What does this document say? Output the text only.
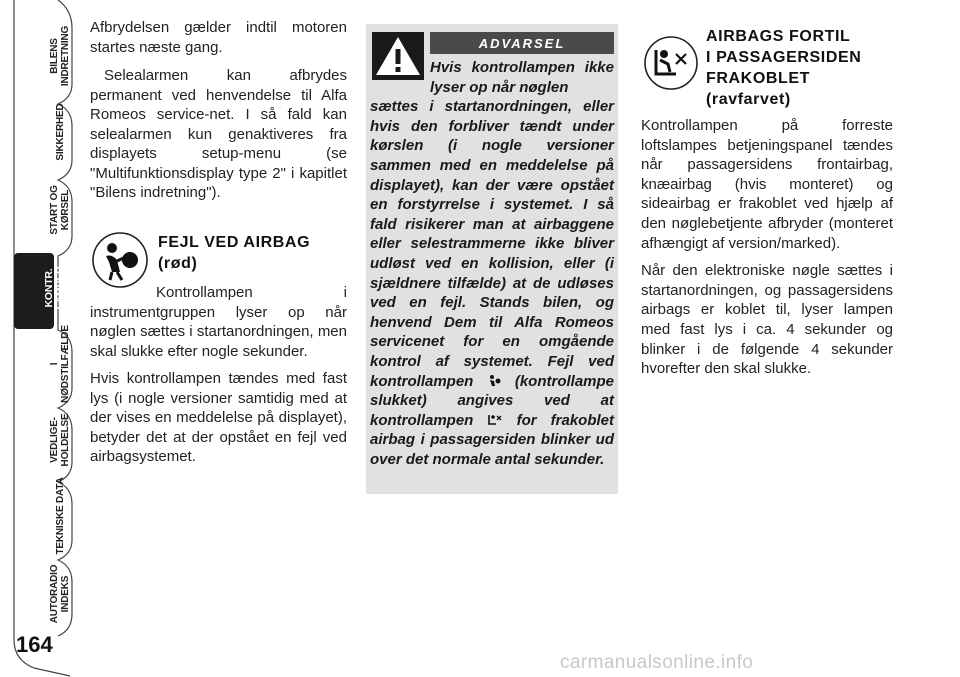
BILENS
INDRETNING
SIKKERHED
START OG
KØRSEL
KONTR.
LAMPER
MEDDELELSER
I NØDSTILFÆLDE
VEDLIGE-
HOLDELSE
TEKNISKE DATA
AUTORADIO
INDEKS
164

Afbrydelsen gælder indtil motoren startes næste gang.

Selealarmen kan afbrydes permanent ved henvendelse til Alfa Romeos service-net. I så fald kan selealarmen kun genaktiveres fra displayets setup-menu (se "Multifunktionsdisplay type 2" i kapitlet "Bilens indretning").

FEJL VED AIRBAG
(rød)

Kontrollampen i instrumentgruppen lyser op når nøglen sættes i startanordningen, men skal slukke efter nogle sekunder.

Hvis kontrollampen tændes med fast lys (i nogle versioner samtidig med at der vises en meddelelse på displayet), betyder det at der opstået en fejl ved airbagsystemet.

ADVARSEL
Hvis kontrollampen ikke lyser op når nøglen
sættes i startanordningen, eller hvis den forbliver tændt under kørslen (i nogle versioner sammen med en meddelelse på displayet), kan der være opstået en forstyrrelse i systemet. I så fald risikerer man at airbaggene eller selestrammerne ikke bliver udløst ved en kollision, eller (i sjældnere tilfælde) at de udløses ved en fejl. Stands bilen, og henvend Dem til Alfa Romeos servicenet for en omgående kontrol af systemet. Fejl ved kontrollampen	(kontrollampe slukket) angives ved at kontrollampen	for frakoblet airbag i passagersiden blinker ud over det normale antal sekunder.
AIRBAGS FORTIL
I PASSAGERSIDEN
FRAKOBLET
(ravfarvet)

Kontrollampen på forreste loftslampes betjeningspanel tændes når passagersidens frontairbag, knæairbag (hvis monteret) og sideairbag er frakoblet ved hjælp af den nøglebetjente afbryder (monteret afhængigt af version/marked).

Når den elektroniske nøgle sættes i startanordningen, og passagersidens airbags er koblet til, lyser lampen med fast lys i ca. 4 sekunder og blinker i de følgende 4 sekunder hvorefter den skal slukke.

carmanualsonline.info
